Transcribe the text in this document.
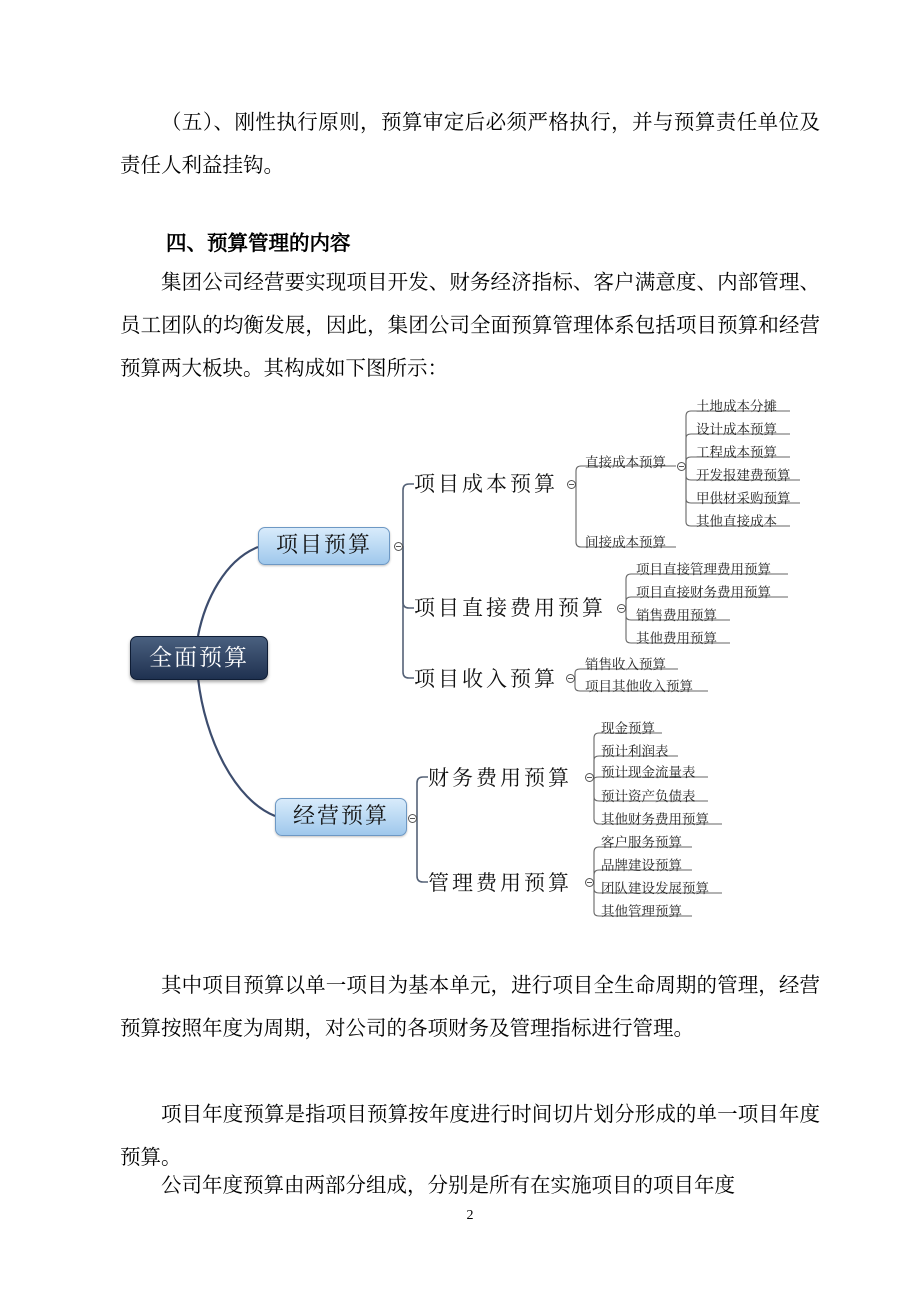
（五）、刚性执行原则，预算审定后必须严格执行，并与预算责任单位及责任人利益挂钩。
四、预算管理的内容
集团公司经营要实现项目开发、财务经济指标、客户满意度、内部管理、员工团队的均衡发展，因此，集团公司全面预算管理体系包括项目预算和经营预算两大板块。其构成如下图所示：
全面预算
项目预算
经营预算
项目成本预算
项目直接费用预算
项目收入预算
财务费用预算
管理费用预算
直接成本预算
间接成本预算
土地成本分摊
设计成本预算
工程成本预算
开发报建费预算
甲供材采购预算
其他直接成本
项目直接管理费用预算
项目直接财务费用预算
销售费用预算
其他费用预算
销售收入预算
项目其他收入预算
现金预算
预计利润表
预计现金流量表
预计资产负债表
其他财务费用预算
客户服务预算
品牌建设预算
团队建设发展预算
其他管理预算
其中项目预算以单一项目为基本单元，进行项目全生命周期的管理，经营预算按照年度为周期，对公司的各项财务及管理指标进行管理。
项目年度预算是指项目预算按年度进行时间切片划分形成的单一项目年度预算。
公司年度预算由两部分组成，分别是所有在实施项目的项目年度
2
